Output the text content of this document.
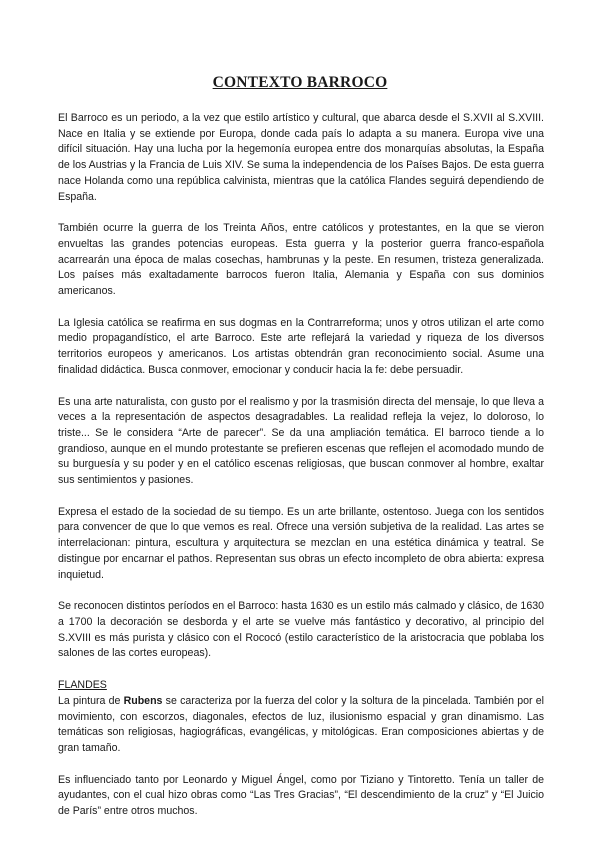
CONTEXTO BARROCO

El Barroco es un periodo, a la vez que estilo artístico y cultural, que abarca desde el S.XVII al S.XVIII. Nace en Italia y se extiende por Europa, donde cada país lo adapta a su manera. Europa vive una difícil situación. Hay una lucha por la hegemonía europea entre dos monarquías absolutas, la España de los Austrias y la Francia de Luis XIV. Se suma la independencia de los Países Bajos. De esta guerra nace Holanda como una república calvinista, mientras que la católica Flandes seguirá dependiendo de España.

También ocurre la guerra de los Treinta Años, entre católicos y protestantes, en la que se vieron envueltas las grandes potencias europeas. Esta guerra y la posterior guerra franco-española acarrearán una época de malas cosechas, hambrunas y la peste. En resumen, tristeza generalizada. Los países más exaltadamente barrocos fueron Italia, Alemania y España con sus dominios americanos.

La Iglesia católica se reafirma en sus dogmas en la Contrarreforma; unos y otros utilizan el arte como medio propagandístico, el arte Barroco. Este arte reflejará la variedad y riqueza de los diversos territorios europeos y americanos. Los artistas obtendrán gran reconocimiento social. Asume una finalidad didáctica. Busca conmover, emocionar y conducir hacia la fe: debe persuadir.

Es una arte naturalista, con gusto por el realismo y por la trasmisión directa del mensaje, lo que lleva a veces a la representación de aspectos desagradables. La realidad refleja la vejez, lo doloroso, lo triste... Se le considera “Arte de parecer”. Se da una ampliación temática. El barroco tiende a lo grandioso, aunque en el mundo protestante se prefieren escenas que reflejen el acomodado mundo de su burguesía y su poder y en el católico escenas religiosas, que buscan conmover al hombre, exaltar sus sentimientos y pasiones.

Expresa el estado de la sociedad de su tiempo. Es un arte brillante, ostentoso. Juega con los sentidos para convencer de que lo que vemos es real. Ofrece una versión subjetiva de la realidad. Las artes se interrelacionan: pintura, escultura y arquitectura se mezclan en una estética dinámica y teatral. Se distingue por encarnar el pathos. Representan sus obras un efecto incompleto de obra abierta: expresa inquietud.

Se reconocen distintos períodos en el Barroco: hasta 1630 es un estilo más calmado y clásico, de 1630 a 1700 la decoración se desborda y el arte se vuelve más fantástico y decorativo, al principio del S.XVIII es más purista y clásico con el Rococó (estilo característico de la aristocracia que poblaba los salones de las cortes europeas).

FLANDES

La pintura de Rubens se caracteriza por la fuerza del color y la soltura de la pincelada. También por el movimiento, con escorzos, diagonales, efectos de luz, ilusionismo espacial y gran dinamismo. Las temáticas son religiosas, hagiográficas, evangélicas, y mitológicas. Eran composiciones abiertas y de gran tamaño.

Es influenciado tanto por Leonardo y Miguel Ángel, como por Tiziano y Tintoretto. Tenía un taller de ayudantes, con el cual hizo obras como “Las Tres Gracias”, “El descendimiento de la cruz” y “El Juicio de París” entre otros muchos.
